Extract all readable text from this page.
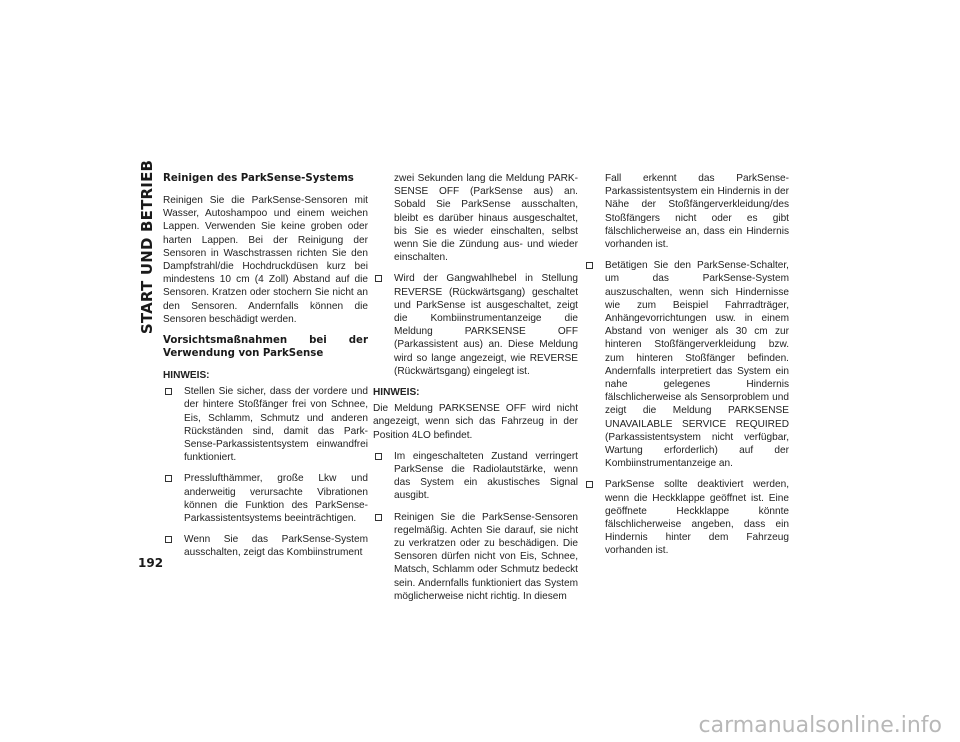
START UND BETRIEB
192
Reinigen des ParkSense-Systems

Reinigen Sie die ParkSense-Sensoren mit Wasser, Autoshampoo und einem weichen Lappen. Verwenden Sie keine groben oder harten Lappen. Bei der Reinigung der Sensoren in Waschstrassen richten Sie den Dampfstrahl/die Hochdruckdüsen kurz bei mindestens 10 cm (4 Zoll) Abstand auf die Sensoren. Kratzen oder stochern Sie nicht an den Sensoren. Andernfalls können die Sensoren beschädigt werden.

Vorsichtsmaßnahmen bei der Verwendung von ParkSense

HINWEIS:

Stellen Sie sicher, dass der vordere und der hintere Stoßfänger frei von Schnee, Eis, Schlamm, Schmutz und anderen Rückständen sind, damit das Park-Sense-Parkassistentsystem einwandfrei funktioniert.
Presslufthämmer, große Lkw und anderweitig verursachte Vibrationen können die Funktion des ParkSense-Parkassistentsystems beeinträchtigen.
Wenn Sie das ParkSense-System ausschalten, zeigt das Kombiinstrument

zwei Sekunden lang die Meldung PARK-SENSE OFF (ParkSense aus) an. Sobald Sie ParkSense ausschalten, bleibt es darüber hinaus ausgeschaltet, bis Sie es wieder einschalten, selbst wenn Sie die Zündung aus- und wieder einschalten.

Wird der Gangwahlhebel in Stellung REVERSE (Rückwärtsgang) geschaltet und ParkSense ist ausgeschaltet, zeigt die Kombiinstrumentanzeige die Meldung PARKSENSE OFF (Parkassistent aus) an. Diese Meldung wird so lange angezeigt, wie REVERSE (Rückwärtsgang) eingelegt ist.

HINWEIS:

Die Meldung PARKSENSE OFF wird nicht angezeigt, wenn sich das Fahrzeug in der Position 4LO befindet.

Im eingeschalteten Zustand verringert ParkSense die Radiolautstärke, wenn das System ein akustisches Signal ausgibt.
Reinigen Sie die ParkSense-Sensoren regelmäßig. Achten Sie darauf, sie nicht zu verkratzen oder zu beschädigen. Die Sensoren dürfen nicht von Eis, Schnee, Matsch, Schlamm oder Schmutz bedeckt sein. Andernfalls funktioniert das System möglicherweise nicht richtig. In diesem

Fall erkennt das ParkSense-Parkassistentsystem ein Hindernis in der Nähe der Stoßfängerverkleidung/des Stoßfängers nicht oder es gibt fälschlicherweise an, dass ein Hindernis vorhanden ist.

Betätigen Sie den ParkSense-Schalter, um das ParkSense-System auszuschalten, wenn sich Hindernisse wie zum Beispiel Fahrradträger, Anhängevorrichtungen usw. in einem Abstand von weniger als 30 cm zur hinteren Stoßfängerverkleidung bzw. zum hinteren Stoßfänger befinden. Andernfalls interpretiert das System ein nahe gelegenes Hindernis fälschlicherweise als Sensorproblem und zeigt die Meldung PARKSENSE UNAVAILABLE SERVICE REQUIRED (Parkassistentsystem nicht verfügbar, Wartung erforderlich) auf der Kombiinstrumentanzeige an.
ParkSense sollte deaktiviert werden, wenn die Heckklappe geöffnet ist. Eine geöffnete Heckklappe könnte fälschlicherweise angeben, dass ein Hindernis hinter dem Fahrzeug vorhanden ist.
carmanualsonline.info
